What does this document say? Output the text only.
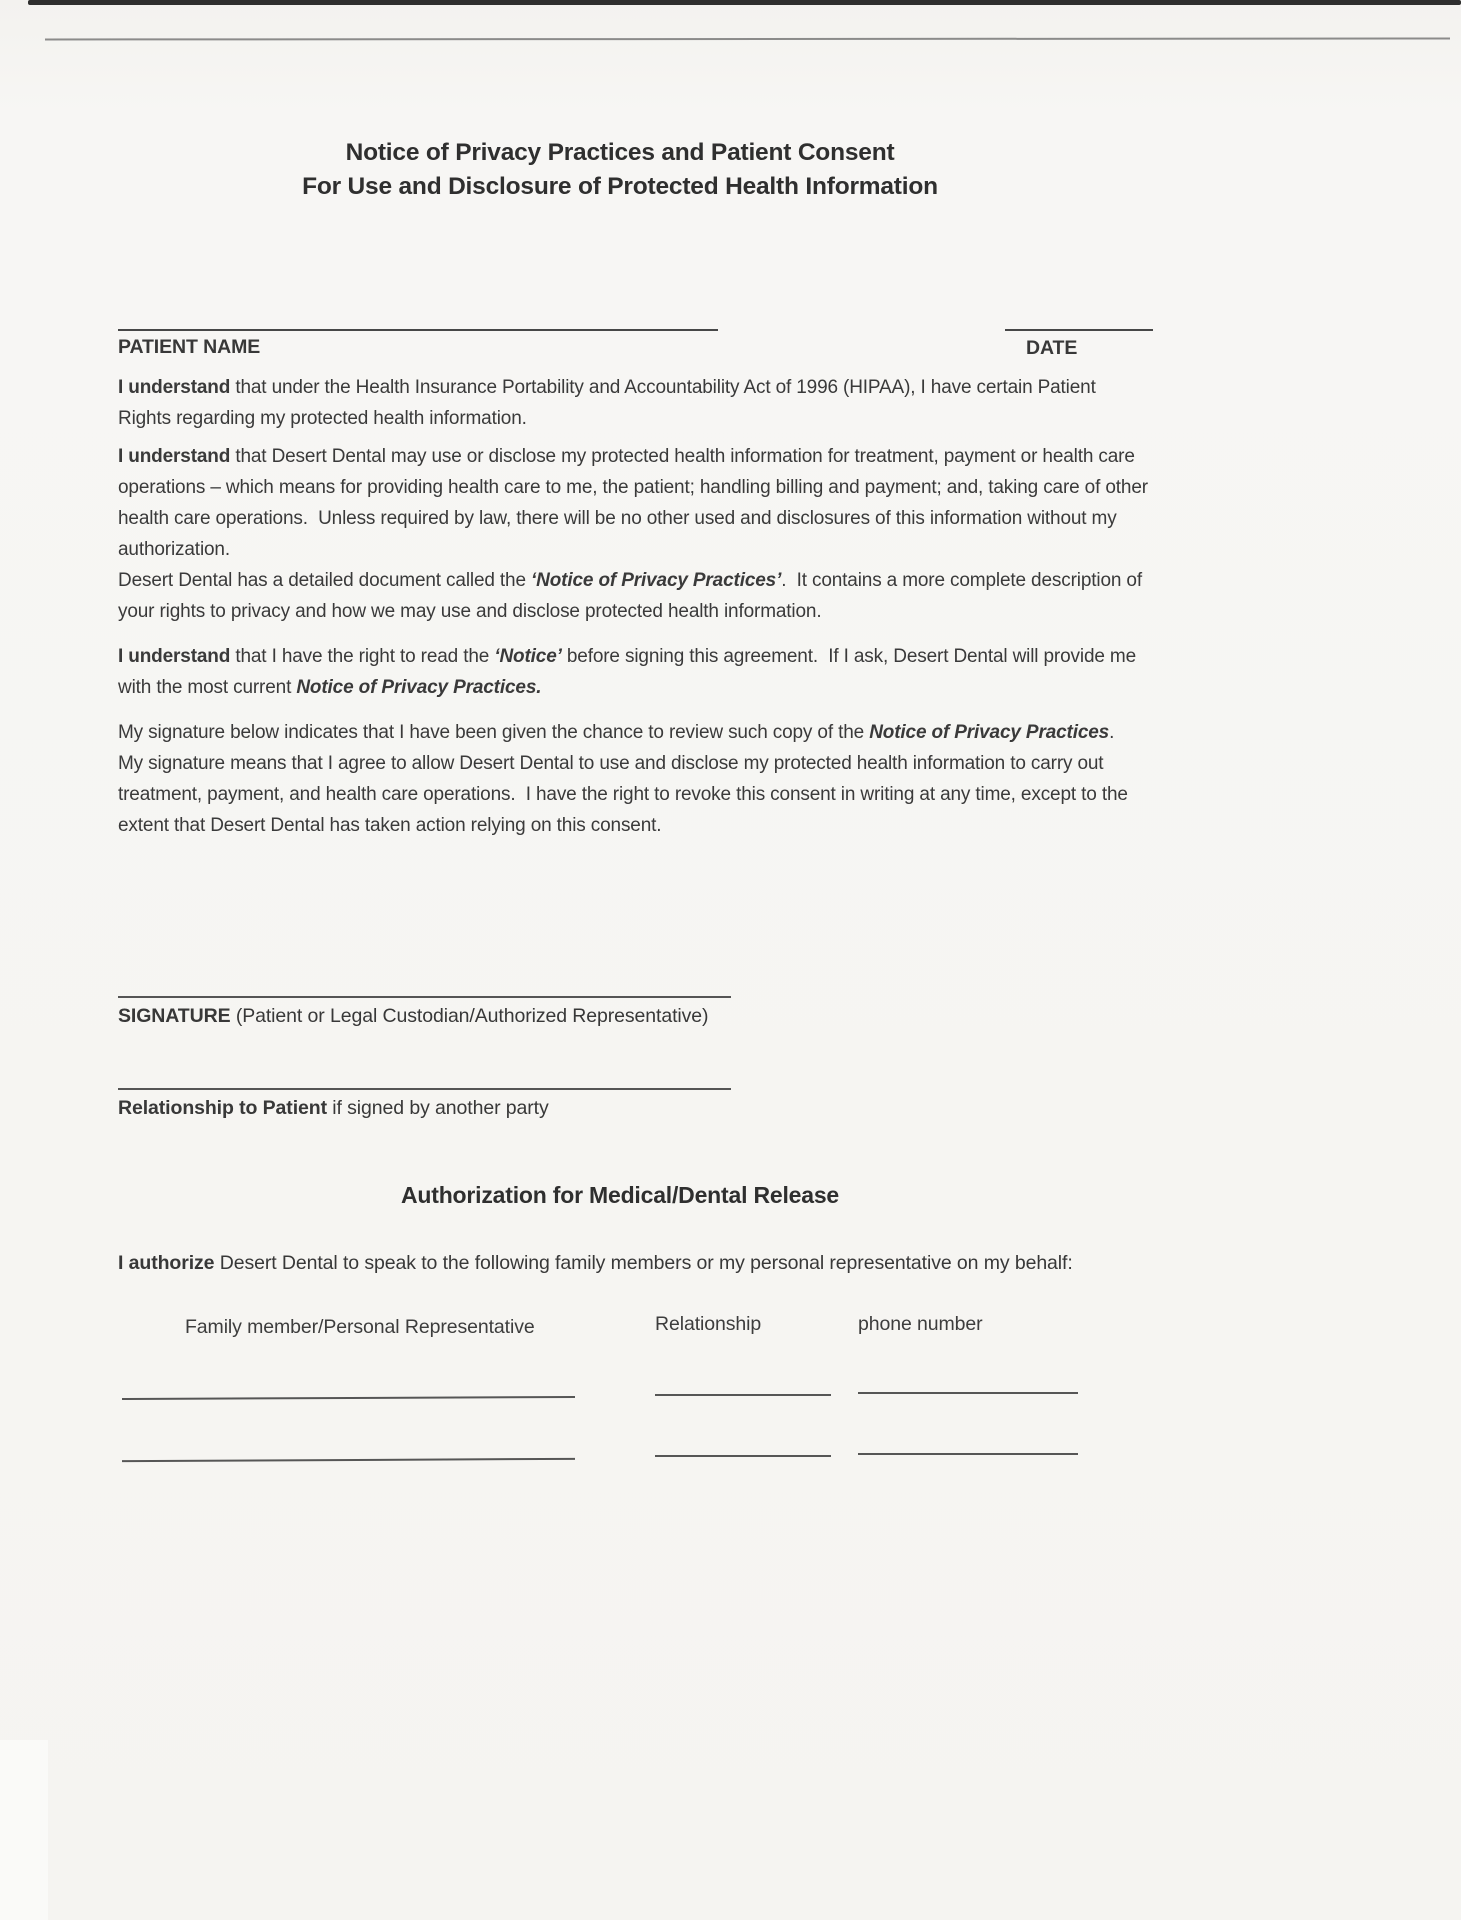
Notice of Privacy Practices and Patient Consent
For Use and Disclosure of Protected Health Information
PATIENT NAME	DATE

I understand that under the Health Insurance Portability and Accountability Act of 1996 (HIPAA), I have certain Patient Rights regarding my protected health information.

I understand that Desert Dental may use or disclose my protected health information for treatment, payment or health care operations – which means for providing health care to me, the patient; handling billing and payment; and, taking care of other health care operations.  Unless required by law, there will be no other used and disclosures of this information without my authorization.

Desert Dental has a detailed document called the ‘Notice of Privacy Practices’.  It contains a more complete description of your rights to privacy and how we may use and disclose protected health information.

I understand that I have the right to read the ‘Notice’ before signing this agreement.  If I ask, Desert Dental will provide me with the most current Notice of Privacy Practices.

My signature below indicates that I have been given the chance to review such copy of the Notice of Privacy Practices.  My signature means that I agree to allow Desert Dental to use and disclose my protected health information to carry out treatment, payment, and health care operations.  I have the right to revoke this consent in writing at any time, except to the extent that Desert Dental has taken action relying on this consent.

SIGNATURE (Patient or Legal Custodian/Authorized Representative)
Relationship to Patient if signed by another party
Authorization for Medical/Dental Release
I authorize Desert Dental to speak to the following family members or my personal representative on my behalf:
Family member/Personal Representative	Relationship	phone number
